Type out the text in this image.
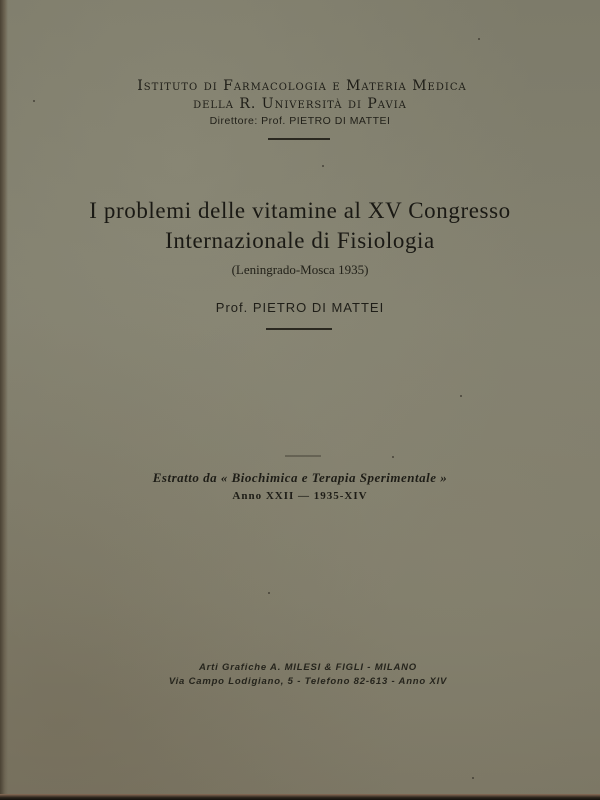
Istituto di Farmacologia e Materia Medica
della R. Università di Pavia
Direttore: Prof. PIETRO DI MATTEI
I problemi delle vitamine al XV Congresso
Internazionale di Fisiologia
(Leningrado-Mosca 1935)
Prof. PIETRO DI MATTEI
Estratto da « Biochimica e Terapia Sperimentale »
Anno XXII — 1935-XIV
Arti Grafiche A. MILESI & FIGLI - MILANO
Via Campo Lodigiano, 5 - Telefono 82-613 - Anno XIV
